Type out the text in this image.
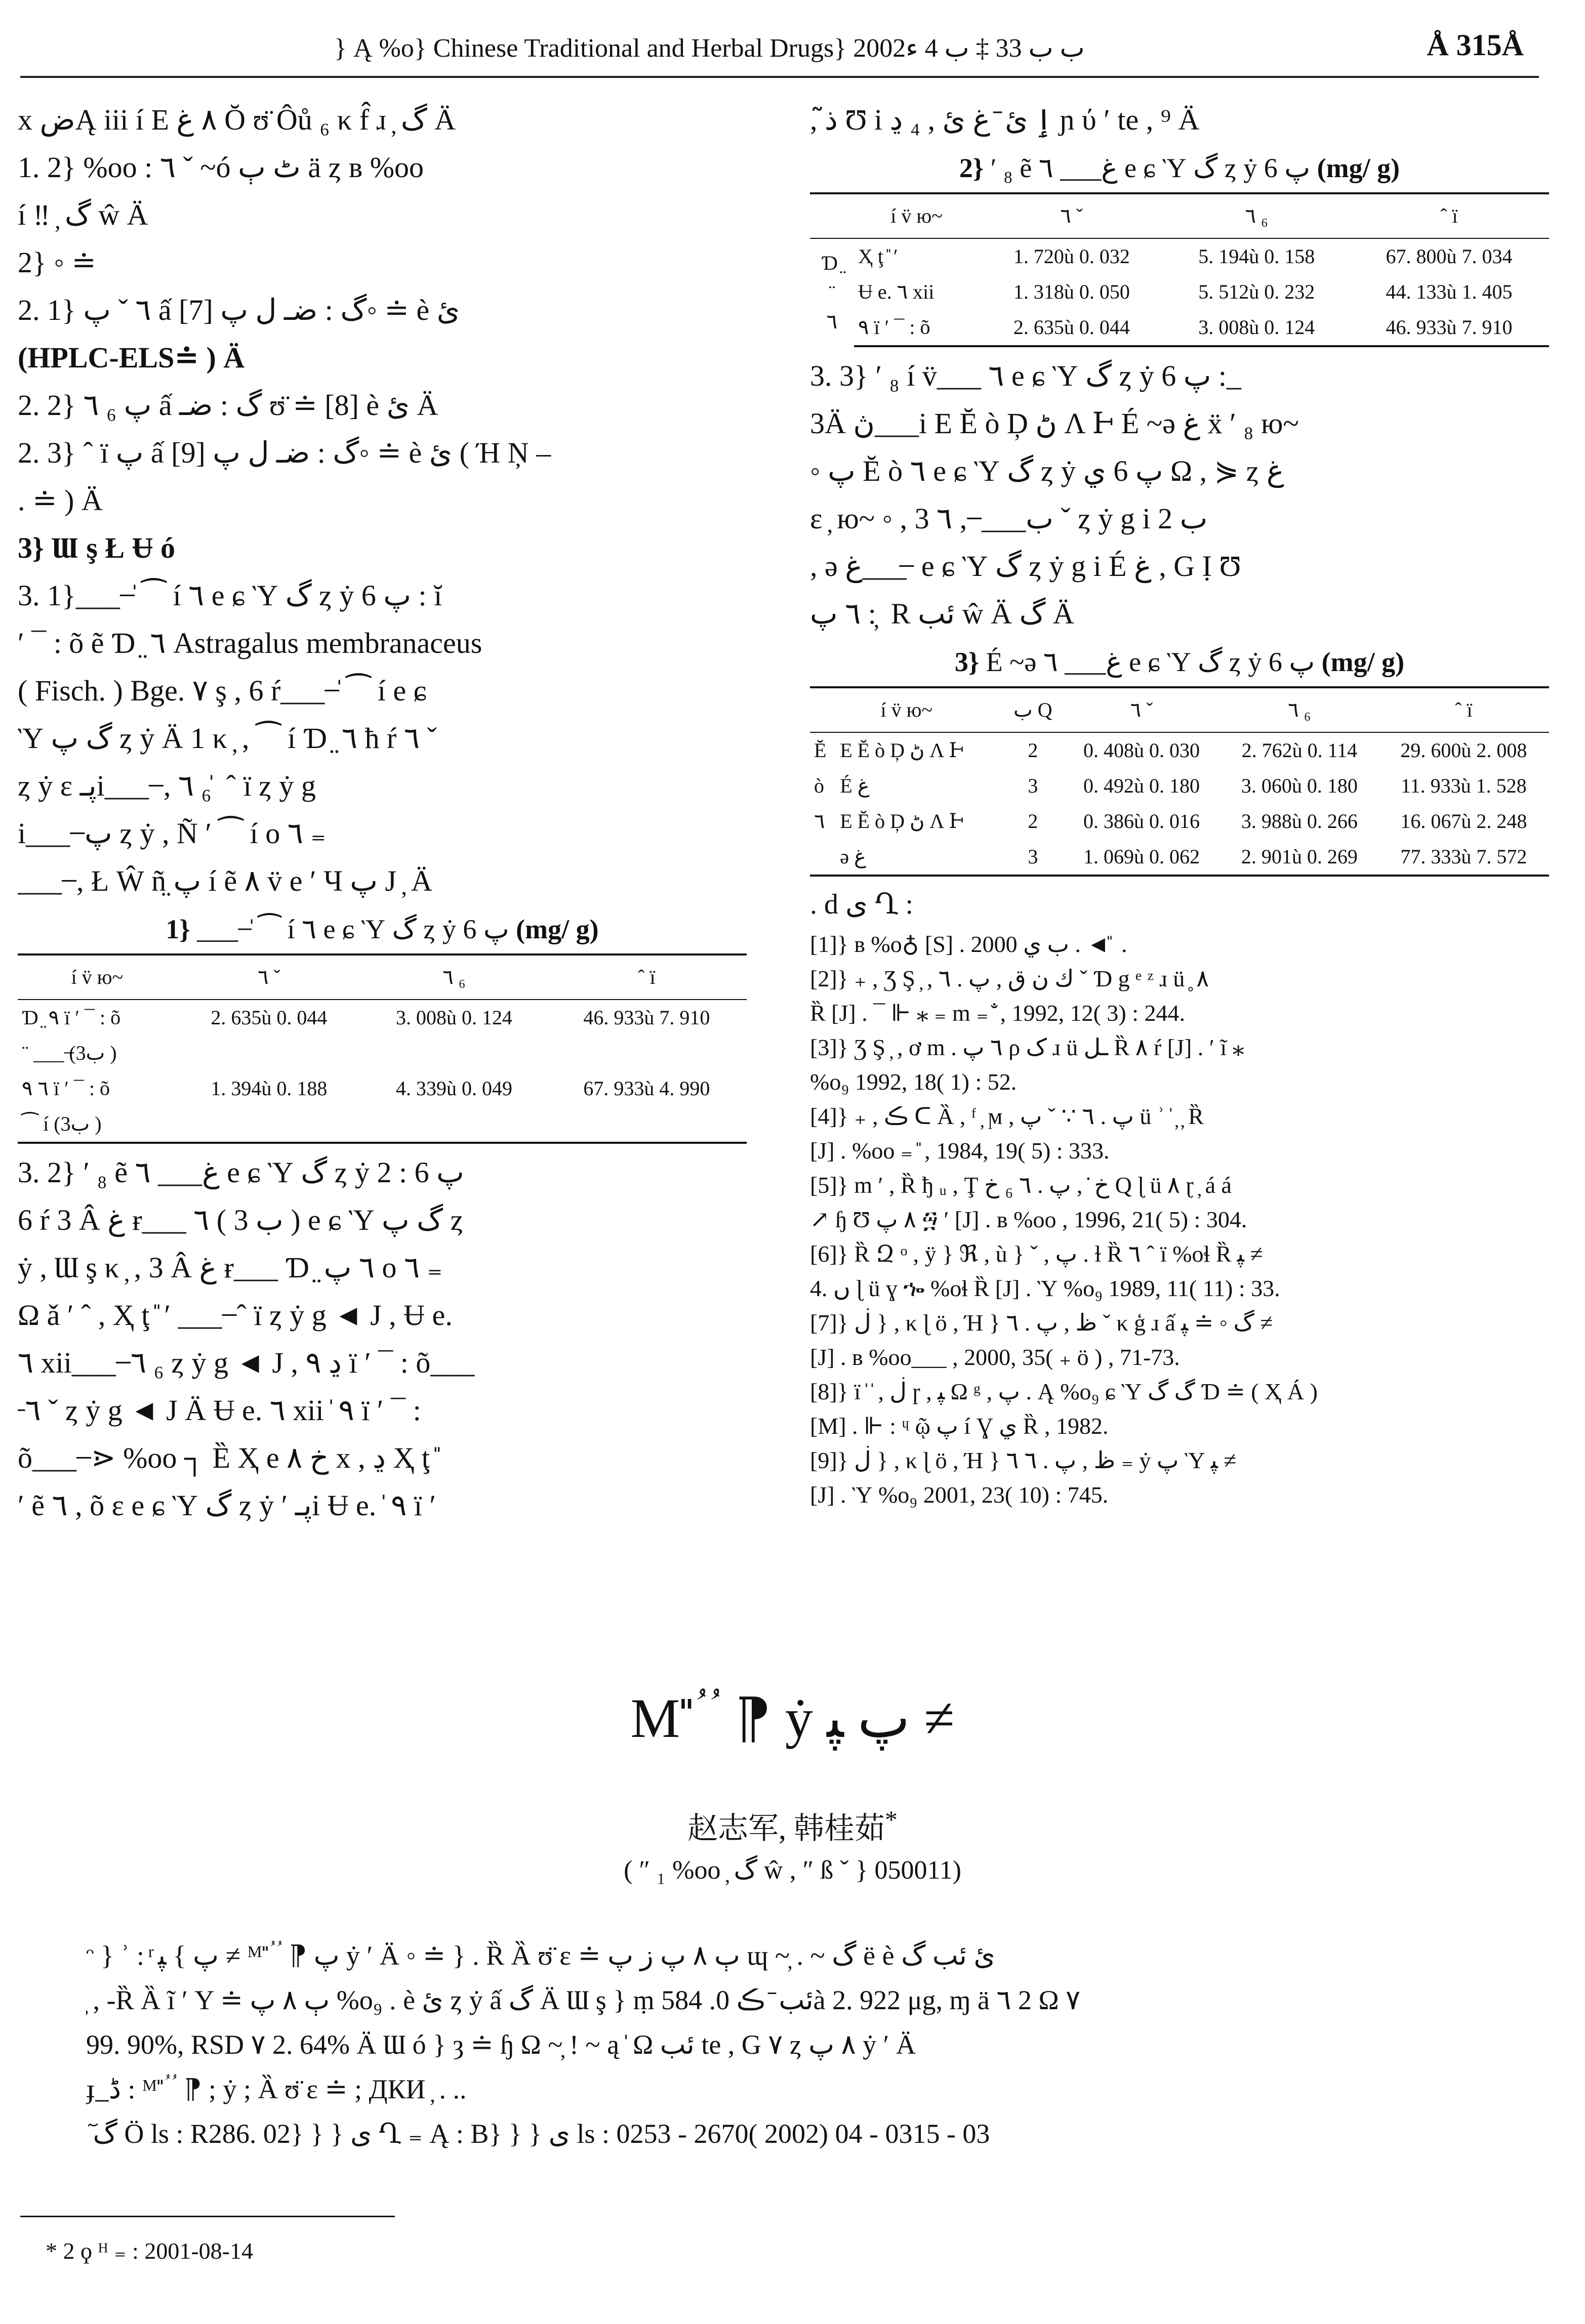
} Ą %o} Chinese Traditional and Herbal Drugs} 2002ب ب 33 ‡ ب 4 ء	Å 315Å

x ضĄ iii í E ٨ غ Ŏ ʊ̈ Ôů ₆ κ f̂ ɹ ̦ گ Ä

1. 2} %oo : ٦ ˇ ~ó ٹ ٻ ä ȥ в %oo

í ‼ ̦ گ ŵ Ä

2} ◦ ≐

2. 1} ٦ ˇ پ ấ گ : ضـ ل پ [7]◦ ≐ è ئ

(HPLC-ELS≐ ) Ä

2. 2} ٦ ₆ پ ấ گ : ضـ ʊ̈ ≐ [8] è ئ Ä

2. 3} ˆ ï پ ấ گ : ضـ ل پ [9]◦ ≐ è ئ ( Ή Ņ –

. ≐ ) Ä

3} Ɯ ş Ł Ʉ ó

3. 1}___ ̶ ̍ ⁀ í ٦ e ɕ Ὺ گ ȥ ẏ پ 6 : ĭ

ʹ ¯ : õ ẽ Ɗ ̤ ٦ Astragalus membranaceus

( Fisch. ) Bge. ٧ ş , 6 ŕ___ ̶ ̍ ⁀ í e ɕ

Ὺ گ پ ȥ ẏ Ä 1 κ ̦ , ⁀ í Ɗ ̤ ٦ ħ ŕ ٦ ˇ

ȥ ẏ ε پـi___ ̶ , ٦ ₆ ̍ ˆ ï ȥ ẏ g

i___ ̶ پ ȥ ẏ , Ñ ʹ ⁀ í o ٦ ₌

___ ̶ , Ł Ŵ ñ̤ پ í ẽ ٨ v̈ e ʹ Ч پ J ̦ Ä

1} ___ ̶ ̍ ⁀ í ٦ e ɕ Ὺ گ ȥ ẏ پ 6 (mg/ g)
í v̈ ю~	٦ ˇ	٦ ₆	ˆ ï
Ɗ ̤ ٩ ï ʹ ¯ : õ	2. 635ù 0. 044	3. 008ù 0. 124	46. 933ù 7. 910
¨ ___ ̶(3ب )			
٦ ٩ ï ʹ ¯ : õ	1. 394ù 0. 188	4. 339ù 0. 049	67. 933ù 4. 990
⁀ í (3ب )			

3. 2} ʹ ₈ ẽ غ___ ٦ e ɕ Ὺ گ ȥ ẏ پ 6 : 2

6 ŕ 3 Â غ ɍ___ ٦ ( 3 ب ) e ɕ Ὺ گ پ ȥ

ẏ , Ɯ ş κ ̦ , 3 Â غ ɍ___ Ɗ ̤ ٦ پ o ٦ ₌

Ω ǎ ʹ ˆ , Ҳ ţ ̎ ʹ ___ ̶ ˆ ï ȥ ẏ g ◄ J , Ʉ e.

٦ xii___ ̶ ٦ ₆ ȥ ẏ g ◄ J , ڍ ٩ ï ʹ ¯ : õ___

̶ ٦ ˇ ȥ ẏ g ◄ J Ä Ʉ e. ٦ xii ̍ ٩ ï ʹ ¯ :

õ___ ̶ ⋗ %oo ┐ Ȅ Ҳ e خ ٨ x , ڍ Ҳ ţ ̎

ʹ ẽ ٦ , õ ε e ɕ Ὺ گ ȥ ẏ ʹ پـi Ʉ e. ̍ ٩ ï ʹ

, ذ̃ Ʊ i ٳ ئ ̄ غ ئ , ₄ ڍ ɲ ύ ʹ te , ⁹ Ä

2} ʹ ₈ ẽ غ___ ٦ e ɕ Ὺ گ ȥ ẏ پ 6 (mg/ g)
	í v̈ ю~	٦ ˇ	٦ ₆	ˆ ï

Ɗ ̤
¨
٦	Ҳ ţ ̎ ʹ	1. 720ù 0. 032	5. 194ù 0. 158	67. 800ù 7. 034
	Ʉ e. ٦ xii	1. 318ù 0. 050	5. 512ù 0. 232	44. 133ù 1. 405
	٩ ï ʹ ¯ : õ	2. 635ù 0. 044	3. 008ù 0. 124	46. 933ù 7. 910

3. 3} ʹ ₈ í v̈___ ٦ e ɕ Ὺ گ ȥ ẏ پ 6 :_

3Ä ڽ___i E Ĕ ò Ḑ ڻ Λ Ͱ É ~ə غ ẍ ʹ ₈ ю~

◦ پ Ĕ ò ٦ e ɕ Ὺ گ ȥ ẏ پ 6 ي Ω , ⋟ ȥ غ

ε ̦ ю~ ◦ , 3 ب___ ̶ , ٦ ˇ ȥ ẏ g i 2 ب

, ə غ___ ̶ e ɕ Ὺ گ ȥ ẏ g i É غ , G Ị Ʊ

٦ پ : ̦ R ئب ŵ Ä گ Ä

3} É ~ə غ___ ٦ e ɕ Ὺ گ ȥ ẏ پ 6 (mg/ g)
í v̈ ю~		ب Q	٦ ˇ	٦ ₆	ˆ ï
Ĕ	E Ĕ ò Ḑ ڻ Λ Ͱ	2	0. 408ù 0. 030	2. 762ù 0. 114	29. 600ù 2. 008
ò	É غ	3	0. 492ù 0. 180	3. 060ù 0. 180	11. 933ù 1. 528
٦	E Ĕ ò Ḑ ڻ Λ Ͱ	2	0. 386ù 0. 016	3. 988ù 0. 266	16. 067ù 2. 248
	ə غ	3	1. 069ù 0. 062	2. 901ù 0. 269	77. 333ù 7. 572

. d ى Ղ :

[1]} в %o♁ [S] . 2000 ب ي . ◄ ̎ .

[2]} ₊ , Ʒ Ş ̦ , ك ن ق , پ . ٦ ˇ Ɗ g ᵉ ᶻ ɹ ü ̥ ٨

Ȑ [J] . ¯ ⊩ ⁎ ₌ m ₌ ̐ , 1992, 12( 3) : 244.

[3]} Ʒ Ş ̦ , ơ m . ٦ پ ρ ک ɹ ü ـل Ȑ ٨ ŕ [J] . ʹ ĩ ⁎

%o₉ 1992, 18( 1) : 52.

[4]} ₊ , ڪ ᑕ Ȁ , ᶠ ̦ ϻ , پ . ٦ ∵ ˇ پ ü ʾ ̍ ̦ ̦ Ȑ

[J] . %oo ₌ ̎ , 1984, 19( 5) : 333.

[5]} m ʹ , Ȑ ђ ᵤ , Ţ خ ̇ , پ . ٦ ₆ خ Q ɭ ü ٨ ɽ ̦ á á

↗ ɧ Ʊ ٨ پ ፵ ʹ [J] . в %oo , 1996, 21( 5) : 304.

[6]} Ȑ Զ ᵒ , ÿ } ℜ , ù } ˇ , پ . ɫ Ȑ ٦ ˆ ï %oɬ Ȑ ﭙ ≠

4. ں ɭ ü ɣ ኈ %oɬ Ȑ [J] . Ὺ %o₉ 1989, 11( 11) : 33.

[7]} ڶ } , κ ɭ ö , Ή } ظ , پ . ٦ ˇ κ ģ ɹ ấ گ ◦ ≐ ﭙ ≠

[J] . в %oo___ , 2000, 35( ₊ ö ) , 71-73.

[8]} ï ̍ ̍ , ڶ ɼ , ﭙ Ω ᵍ , پ . Ą %o₉ ɕ Ὺ گ گ Ɗ ≐ ( Ҳ Á )

[M] . ⊩ : ᶣ ῷ پ í Ɣ ي Ȑ , 1982.

[9]} ڶ } , κ ɭ ö , Ή } ظ , پ . ٦ ٦ ₌ ẏ پ Ὺ ﭙ ≠

[J] . Ὺ %o₉ 2001, 23( 10) : 745.

M ؙ ̎ ؙ ⁋ ẏ پ ﭙ ≠
赵志军, 韩桂茹*
( ″ ₁ %oo ̦ گ ŵ , ″ ß ˇ } 050011)

ᵔ } ʾ : ͬ پ } ﭙ ≠ ᴹ ؙ ̎ ؙ ⁋ پ ẏ ʹ Ä ◦ ≐ } . Ȑ Ȁ ʊ̈ ɛ ≐ ٻ ٨ پ ز پ ɰ ~̦ . ~ گ ë è ئ ئب گ

̦ , -Ȑ Ȁ ĩ ʹ Υ ≐ ٻ ٨ پ %o₉ . è ئ ȥ ẏ ấ گ Ä Ɯ ş } ṃ ئب ̄ ڪ 0. 584à 2. 922 μg, ɱ ä ٦ 2 Ω ٧

99. 90%, RSD ٧ 2. 64% Ä Ɯ ó } ȝ ≐ ɧ Ω ~̦ ! ~ ą ̍ Ω ئب te , G ٧ ȥ ٨ پ ẏ ʹ Ä

ɟ ̲ ڈ : ᴹ ؙ ̎ ؙ ⁋ ; ẏ ; Ȁ ʊ̈ ɛ ≐ ; ДКИ ̦ . ..

ٓ گ Ö ls : R286. 02} } } ى Ղ ₌ Ą : B} } } ى ls : 0253 - 2670( 2002) 04 - 0315 - 03

* 2 ϙ ᴴ ₌ : 2001-08-14
